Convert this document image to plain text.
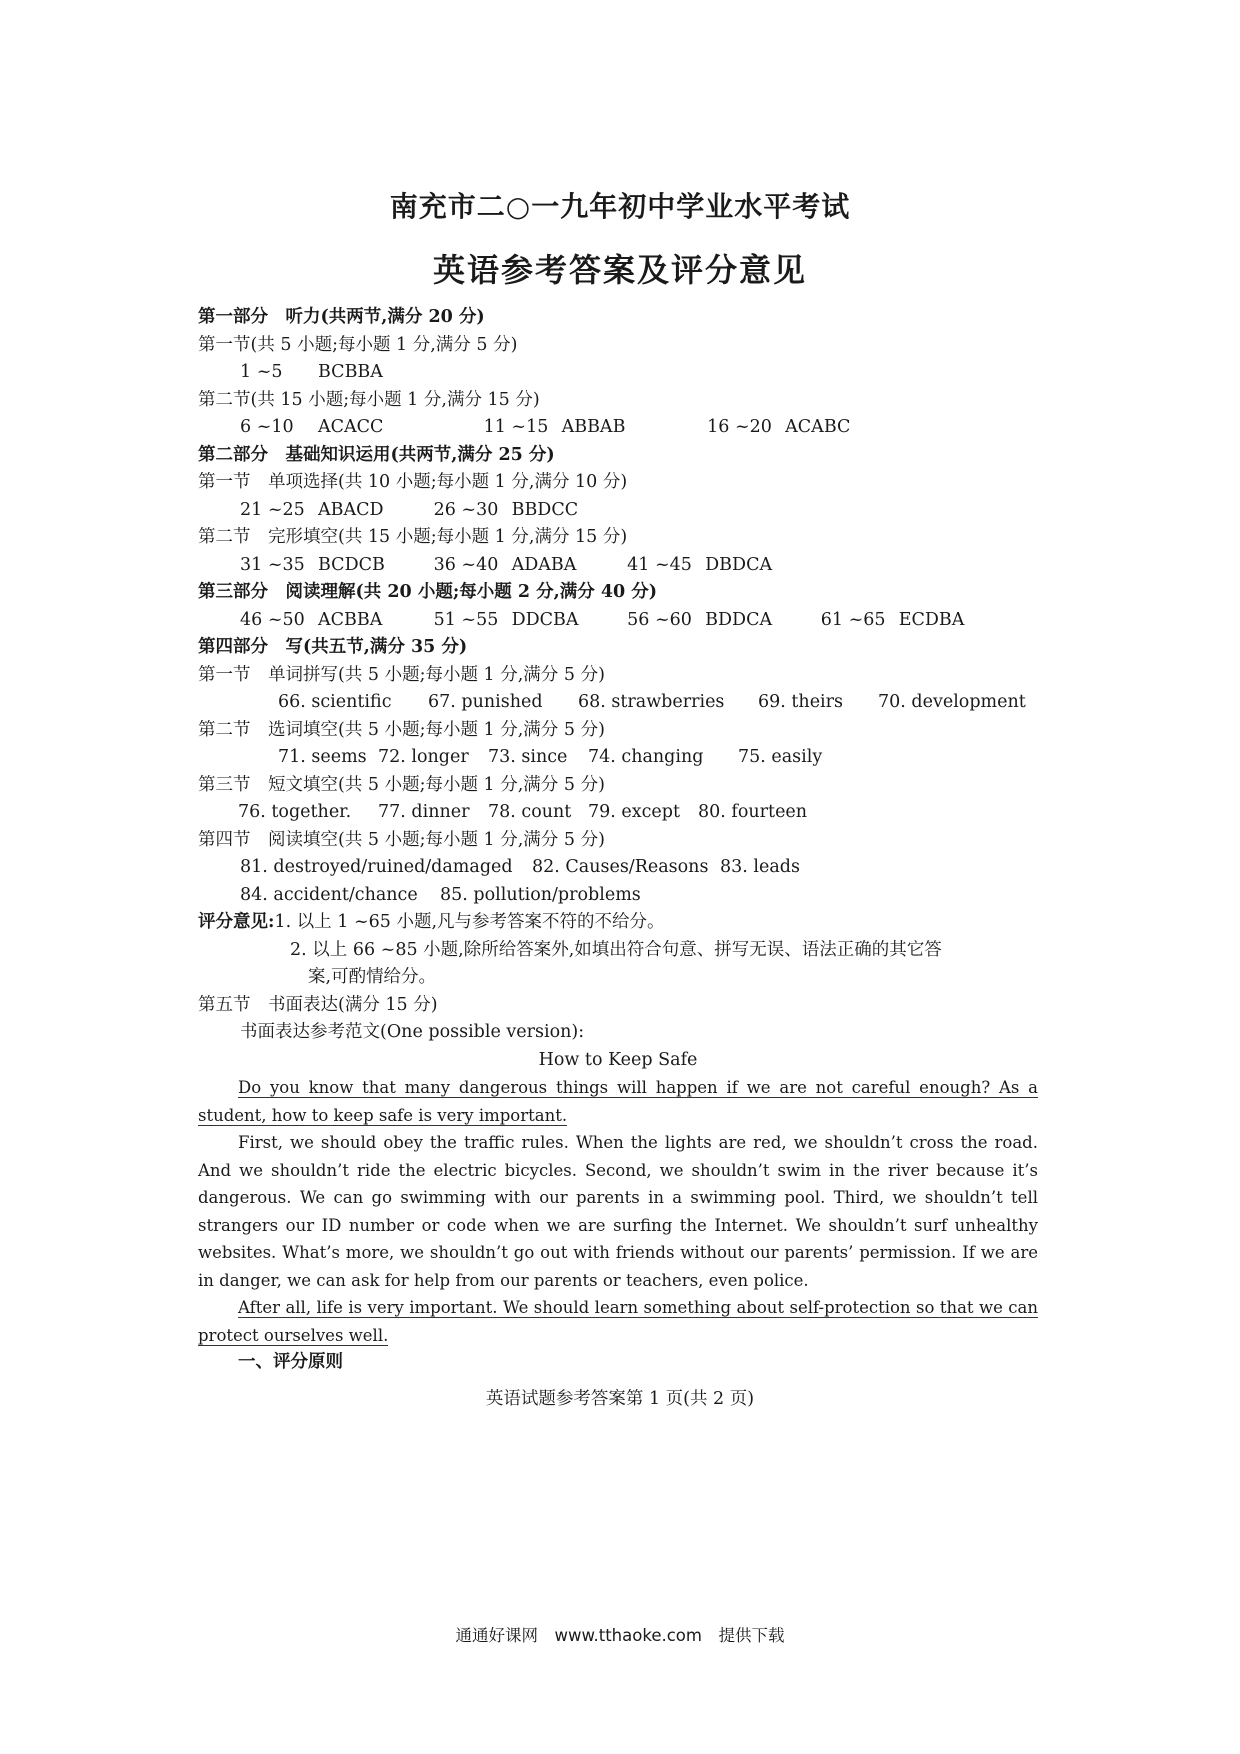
南充市二○一九年初中学业水平考试
英语参考答案及评分意见
第一部分　听力(共两节,满分 20 分)
第一节(共 5 小题;每小题 1 分,满分 5 分)
1 ~5 BCBBA
第二节(共 15 小题;每小题 1 分,满分 15 分)
6 ~10 ACACC	11 ~15 ABBAB	16 ~20 ACABC
第二部分　基础知识运用(共两节,满分 25 分)
第一节　单项选择(共 10 小题;每小题 1 分,满分 10 分)
21 ~25 ABACD	26 ~30 BBDCC
第二节　完形填空(共 15 小题;每小题 1 分,满分 15 分)
31 ~35 BCDCB	36 ~40 ADABA	41 ~45 DBDCA
第三部分　阅读理解(共 20 小题;每小题 2 分,满分 40 分)
46 ~50 ACBBA	51 ~55 DDCBA	56 ~60 BDDCA	61 ~65 ECDBA
第四部分　写(共五节,满分 35 分)
第一节　单词拼写(共 5 小题;每小题 1 分,满分 5 分)
66. scientific 67. punished 68. strawberries 69. theirs 70. development
第二节　选词填空(共 5 小题;每小题 1 分,满分 5 分)
71. seems 72. longer 73. since 74. changing 75. easily
第三节　短文填空(共 5 小题;每小题 1 分,满分 5 分)
76. together. 77. dinner 78. count 79. except 80. fourteen
第四节　阅读填空(共 5 小题;每小题 1 分,满分 5 分)
81. destroyed/ruined/damaged 82. Causes/Reasons 83. leads
84. accident/chance 85. pollution/problems
评分意见:1. 以上 1 ~65 小题,凡与参考答案不符的不给分。
2. 以上 66 ~85 小题,除所给答案外,如填出符合句意、拼写无误、语法正确的其它答
案,可酌情给分。
第五节　书面表达(满分 15 分)
书面表达参考范文(One possible version):
How to Keep Safe
Do you know that many dangerous things will happen if we are not careful enough? As a student, how to keep safe is very important.
First, we should obey the traffic rules. When the lights are red, we shouldn’t cross the road. And we shouldn’t ride the electric bicycles. Second, we shouldn’t swim in the river because it’s dangerous. We can go swimming with our parents in a swimming pool. Third, we shouldn’t tell strangers our ID number or code when we are surfing the Internet. We shouldn’t surf unhealthy websites. What’s more, we shouldn’t go out with friends without our parents’ permission. If we are in danger, we can ask for help from our parents or teachers, even police.
After all, life is very important. We should learn something about self-protection so that we can protect ourselves well.
一、评分原则
英语试题参考答案第 1 页(共 2 页)
通通好课网　www.tthaoke.com　提供下载
